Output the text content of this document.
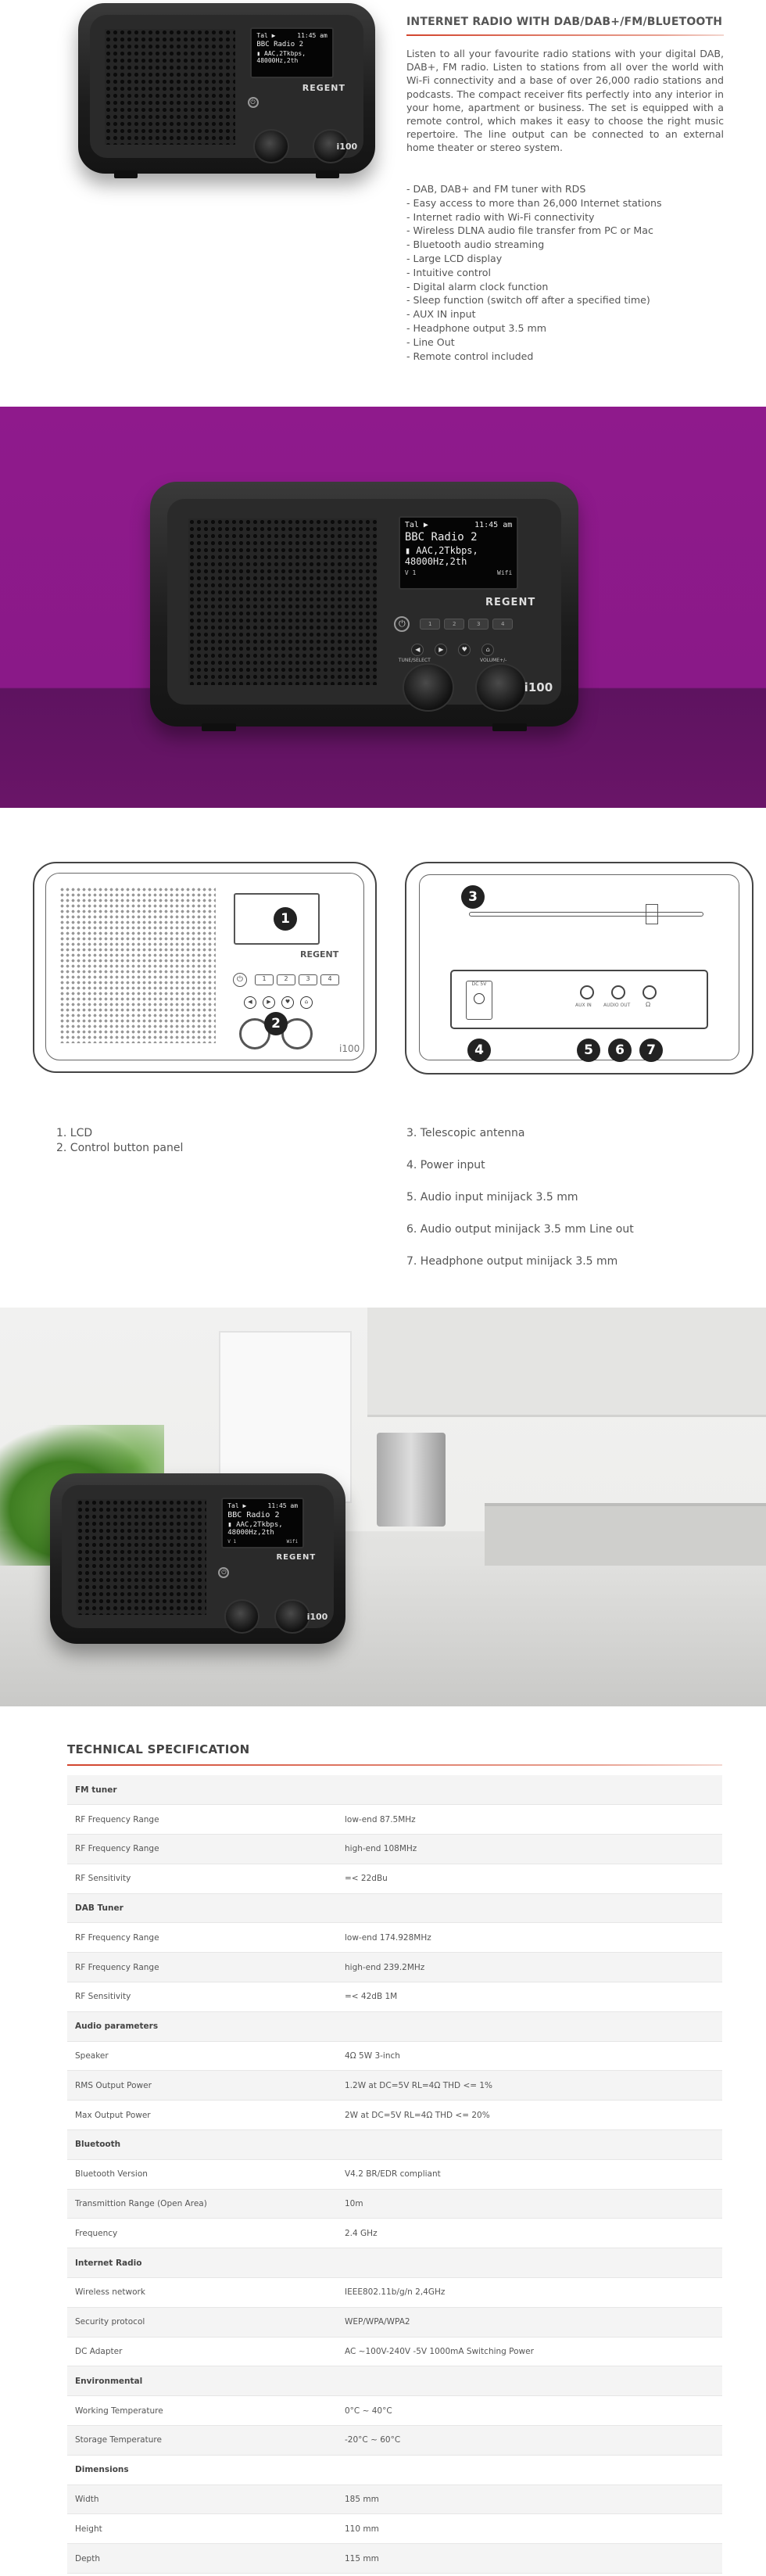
Tal ▶	11:45 am
BBC Radio 2
▮ AAC,2Tkbps,
48000Hz,2th
REGENT
⏻
i100
INTERNET RADIO WITH DAB/DAB+/FM/BLUETOOTH

Listen to all your favourite radio stations with your digital DAB, DAB+, FM radio. Listen to stations from all over the world with Wi-Fi connectivity and a base of over 26,000 radio stations and podcasts. The compact receiver fits perfectly into any interior in your home, apartment or business. The set is equipped with a remote control, which makes it easy to choose the right music repertoire. The line output can be connected to an external home theater or stereo system.

- DAB, DAB+ and FM tuner with RDS
- Easy access to more than 26,000 Internet stations
- Internet radio with Wi-Fi connectivity
- Wireless DLNA audio file transfer from PC or Mac
- Bluetooth audio streaming
- Large LCD display
- Intuitive control
- Digital alarm clock function
- Sleep function (switch off after a specified time)
- AUX IN input
- Headphone output 3.5 mm
- Line Out
- Remote control included
Tal ▶	11:45 am
BBC Radio 2
▮ AAC,2Tkbps,
48000Hz,2th
V 1	Wifi
REGENT
⏻	1	2	3	4
◀	▶	♥	⌂
TUNE/SELECT	VOLUME+/-
i100
1
REGENT
⏻	1	2	3	4
◀	▶	♥	⌂
2
i100
3
DC 5V
AUX IN	AUDIO OUT Ω
4	5	6	7
1. LCD
2. Control button panel
3. Telescopic antenna
4. Power input
5. Audio input minijack 3.5 mm
6. Audio output minijack 3.5 mm Line out
7. Headphone output minijack 3.5 mm
Tal ▶	11:45 am
BBC Radio 2
▮ AAC,2Tkbps,
48000Hz,2th
V 1	Wifi
REGENT
⏻
i100
TECHNICAL SPECIFICATION
FM tuner	
RF Frequency Range	low-end 87.5MHz
RF Frequency Range	high-end 108MHz
RF Sensitivity	=< 22dBu
DAB Tuner	
RF Frequency Range	low-end 174.928MHz
RF Frequency Range	high-end 239.2MHz
RF Sensitivity	=< 42dB 1M
Audio parameters	
Speaker	4Ω 5W 3-inch
RMS Output Power	1.2W at DC=5V RL=4Ω THD <= 1%
Max Output Power	2W at DC=5V RL=4Ω THD <= 20%
Bluetooth	
Bluetooth Version	V4.2 BR/EDR compliant
Transmittion Range (Open Area)	10m
Frequency	2.4 GHz
Internet Radio	
Wireless network	IEEE802.11b/g/n 2,4GHz
Security protocol	WEP/WPA/WPA2
DC Adapter	AC ~100V-240V -5V 1000mA Switching Power
Environmental	
Working Temperature	0°C ~ 40°C
Storage Temperature	-20°C ~ 60°C
Dimensions	
Width	185 mm
Height	110 mm
Depth	115 mm
